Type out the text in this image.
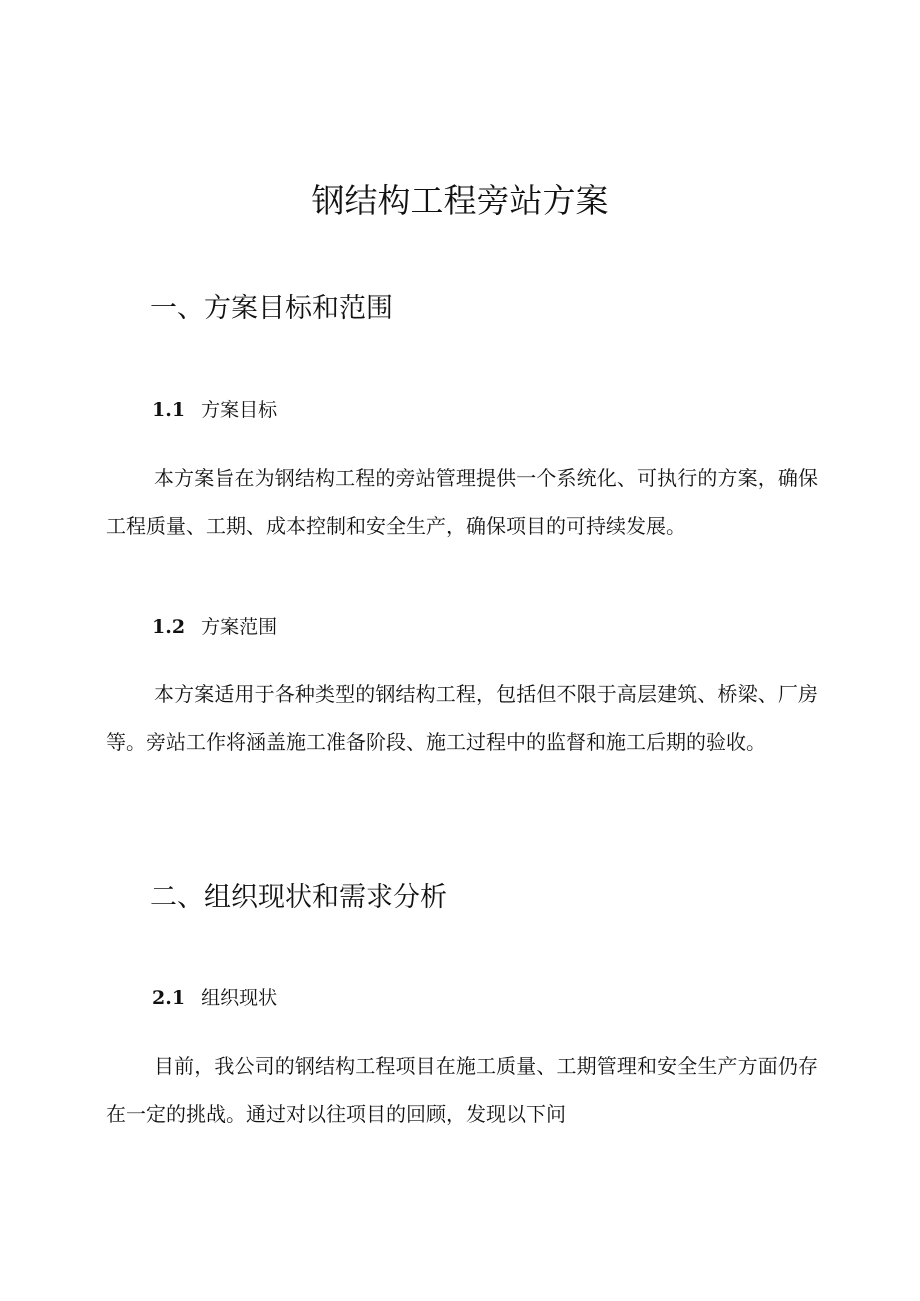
钢结构工程旁站方案
一、方案目标和范围
1.1 方案目标

本方案旨在为钢结构工程的旁站管理提供一个系统化、可执行的方案，确保工程质量、工期、成本控制和安全生产，确保项目的可持续发展。

1.2 方案范围

本方案适用于各种类型的钢结构工程，包括但不限于高层建筑、桥梁、厂房等。旁站工作将涵盖施工准备阶段、施工过程中的监督和施工后期的验收。

二、组织现状和需求分析
2.1 组织现状

目前，我公司的钢结构工程项目在施工质量、工期管理和安全生产方面仍存在一定的挑战。通过对以往项目的回顾，发现以下问
